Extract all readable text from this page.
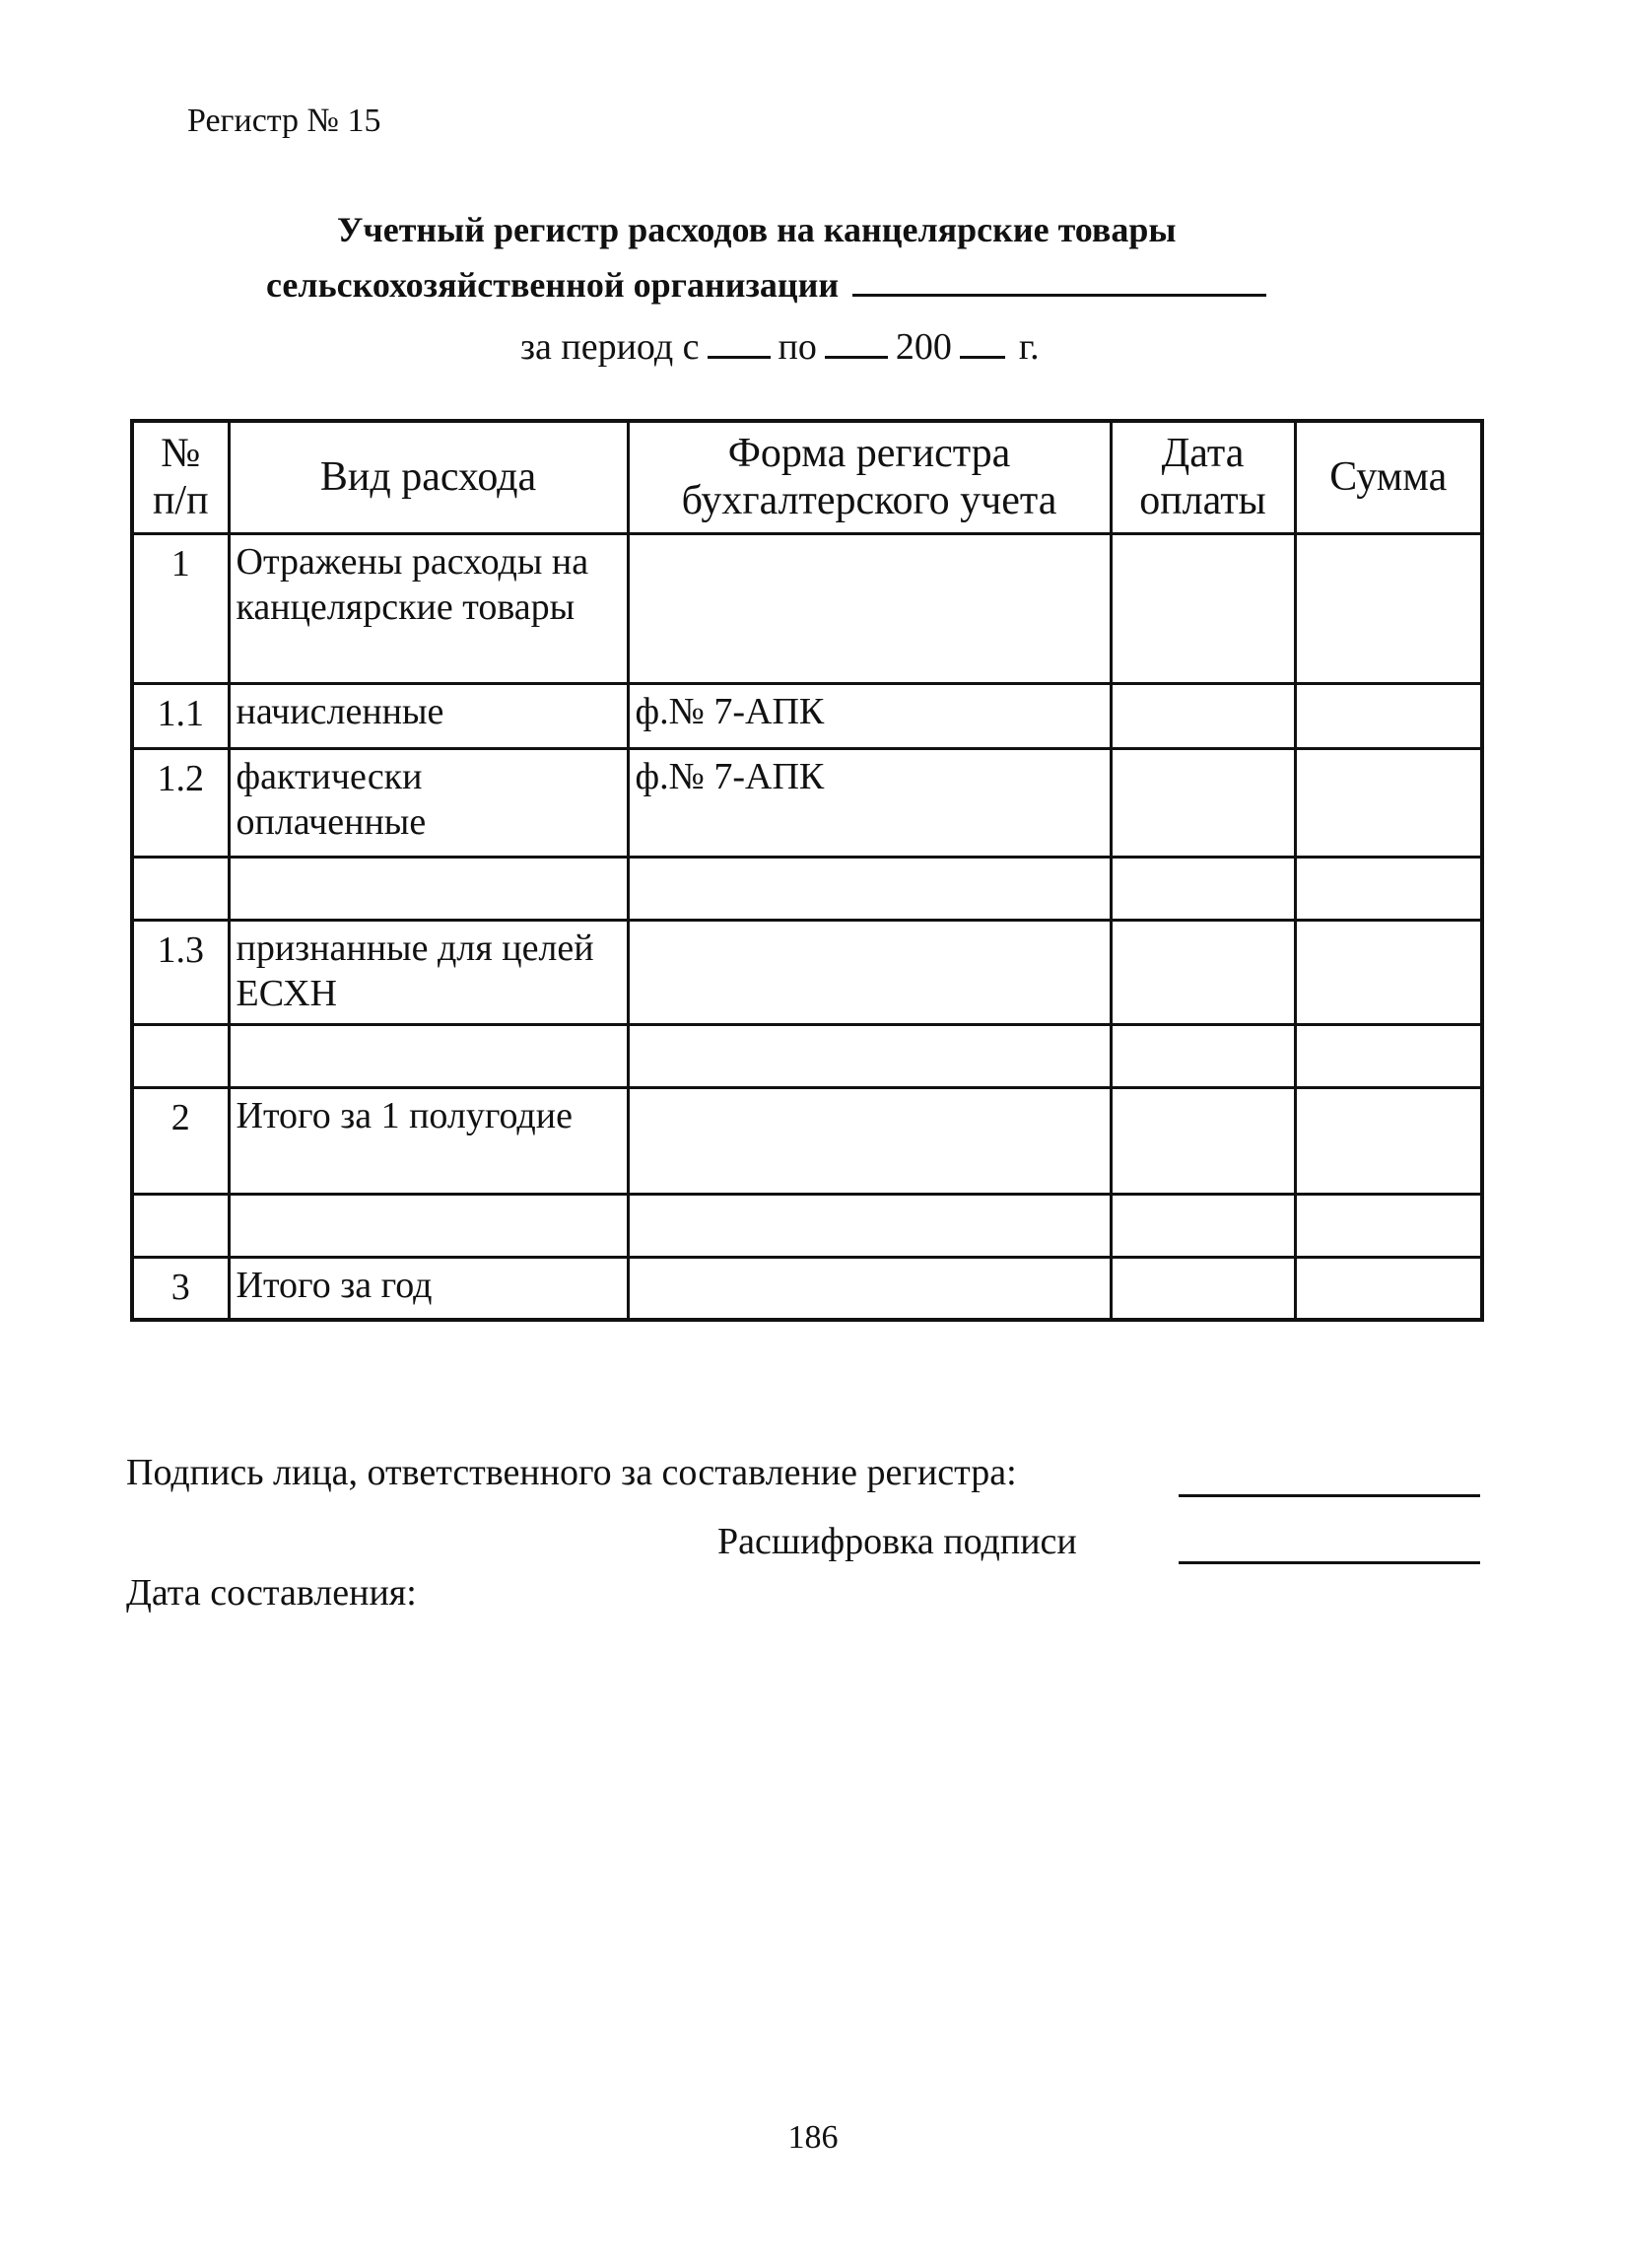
Регистр № 15
Учетный регистр расходов на канцелярские товары
сельскохозяйственной организации
за период с по 200 г.
№ п/п	Вид расхода	Форма регистра бухгалтерского учета	Дата оплаты	Сумма
1	Отражены расходы на канцелярские товары			
1.1	начисленные	ф.№ 7-АПК		
1.2	фактически оплаченные	ф.№ 7-АПК		

1.3	признанные для целей ЕСХН			

2	Итого за 1 полугодие			

3	Итого за год			
Подпись лица, ответственного за составление регистра:
Расшифровка подписи
Дата составления:
186
